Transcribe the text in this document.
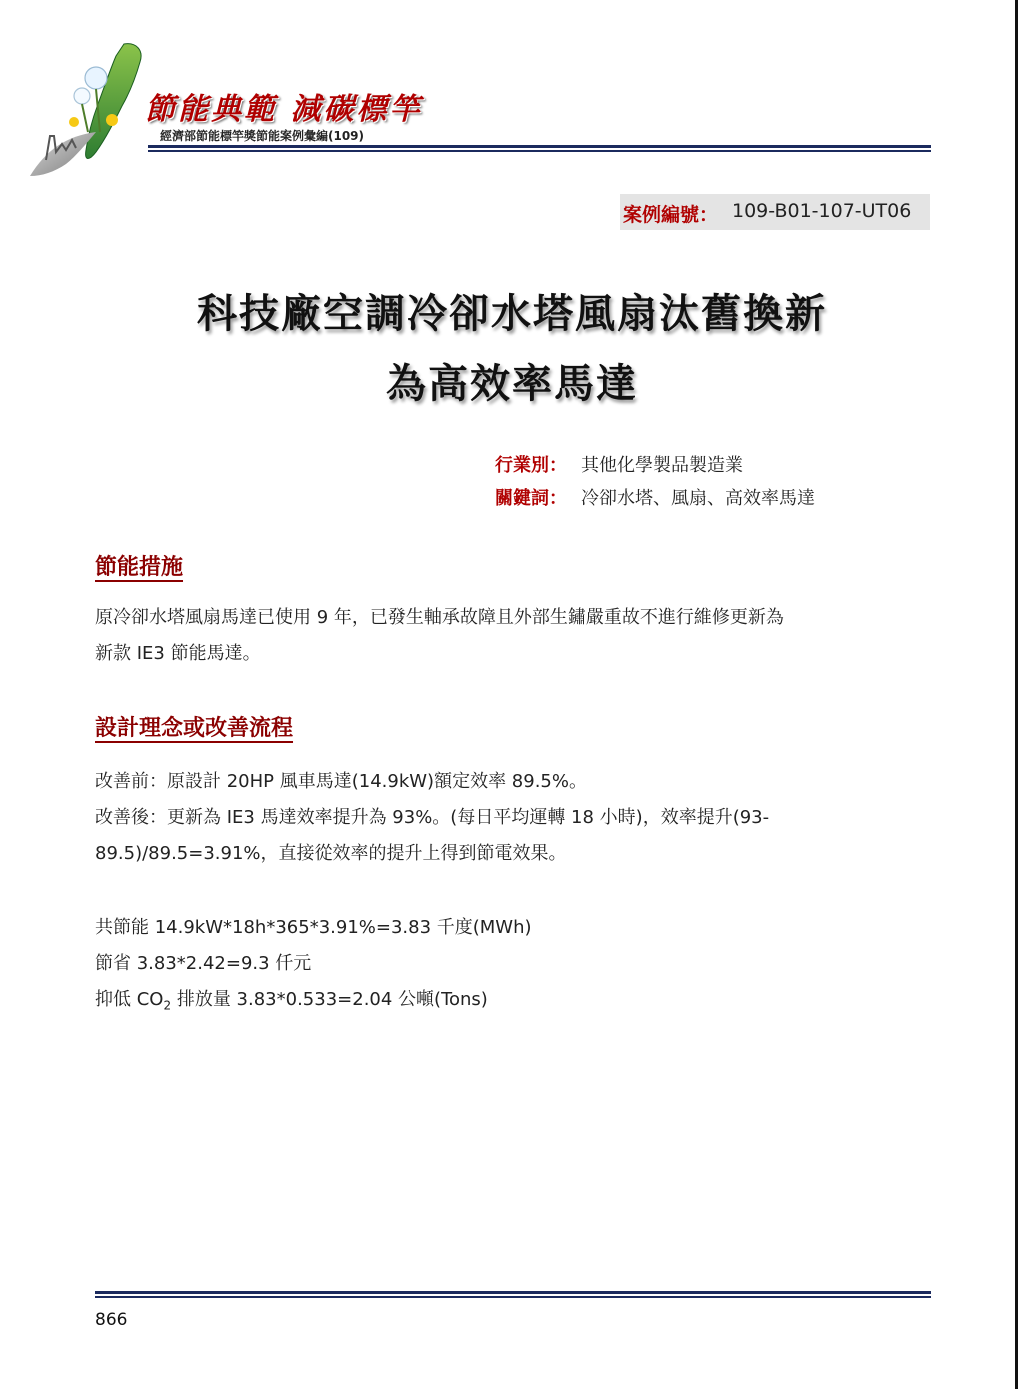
節能典範 減碳標竿
經濟部節能標竿獎節能案例彙編(109)
案例編號： 109-B01-107-UT06
科技廠空調冷卻水塔風扇汰舊換新
為高效率馬達
行業別： 其他化學製品製造業
關鍵詞： 冷卻水塔、風扇、高效率馬達
節能措施
原冷卻水塔風扇馬達已使用 9 年，已發生軸承故障且外部生鏽嚴重故不進行維修更新為
新款 IE3 節能馬達。
設計理念或改善流程
改善前：原設計 20HP 風車馬達(14.9kW)額定效率 89.5%。
改善後：更新為 IE3 馬達效率提升為 93%。(每日平均運轉 18 小時)，效率提升(93-
89.5)/89.5=3.91%，直接從效率的提升上得到節電效果。
共節能 14.9kW*18h*365*3.91%=3.83 千度(MWh)
節省 3.83*2.42=9.3 仟元
抑低 $CO_2$ 排放量 3.83*0.533=2.04 公噸(Tons)
866
